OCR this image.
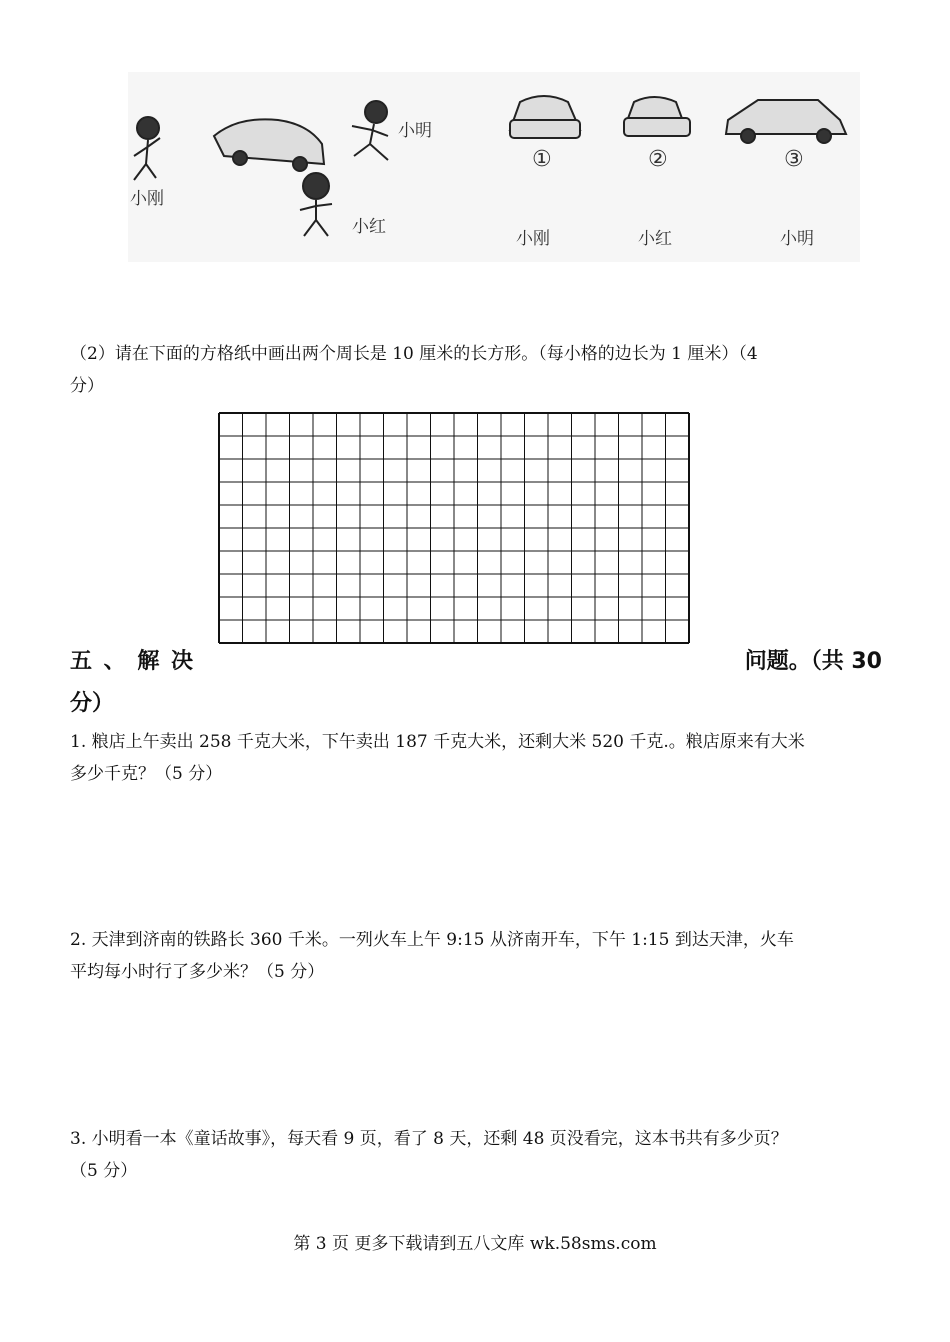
小刚
小明
小红
①	②	③
小刚	小红	小明
（2）请在下面的方格纸中画出两个周长是 10 厘米的长方形。（每小格的边长为 1 厘米）（4
分）
五 、 解 决	问题。（共 30
分）
1. 粮店上午卖出 258 千克大米，下午卖出 187 千克大米，还剩大米 520 千克.。粮店原来有大米
多少千克？（5 分）
2. 天津到济南的铁路长 360 千米。一列火车上午 9:15 从济南开车，下午 1:15 到达天津，火车
平均每小时行了多少米？（5 分）
3. 小明看一本《童话故事》，每天看 9 页，看了 8 天，还剩 48 页没看完，这本书共有多少页？
（5 分）
第 3 页 更多下载请到五八文库 wk.58sms.com
